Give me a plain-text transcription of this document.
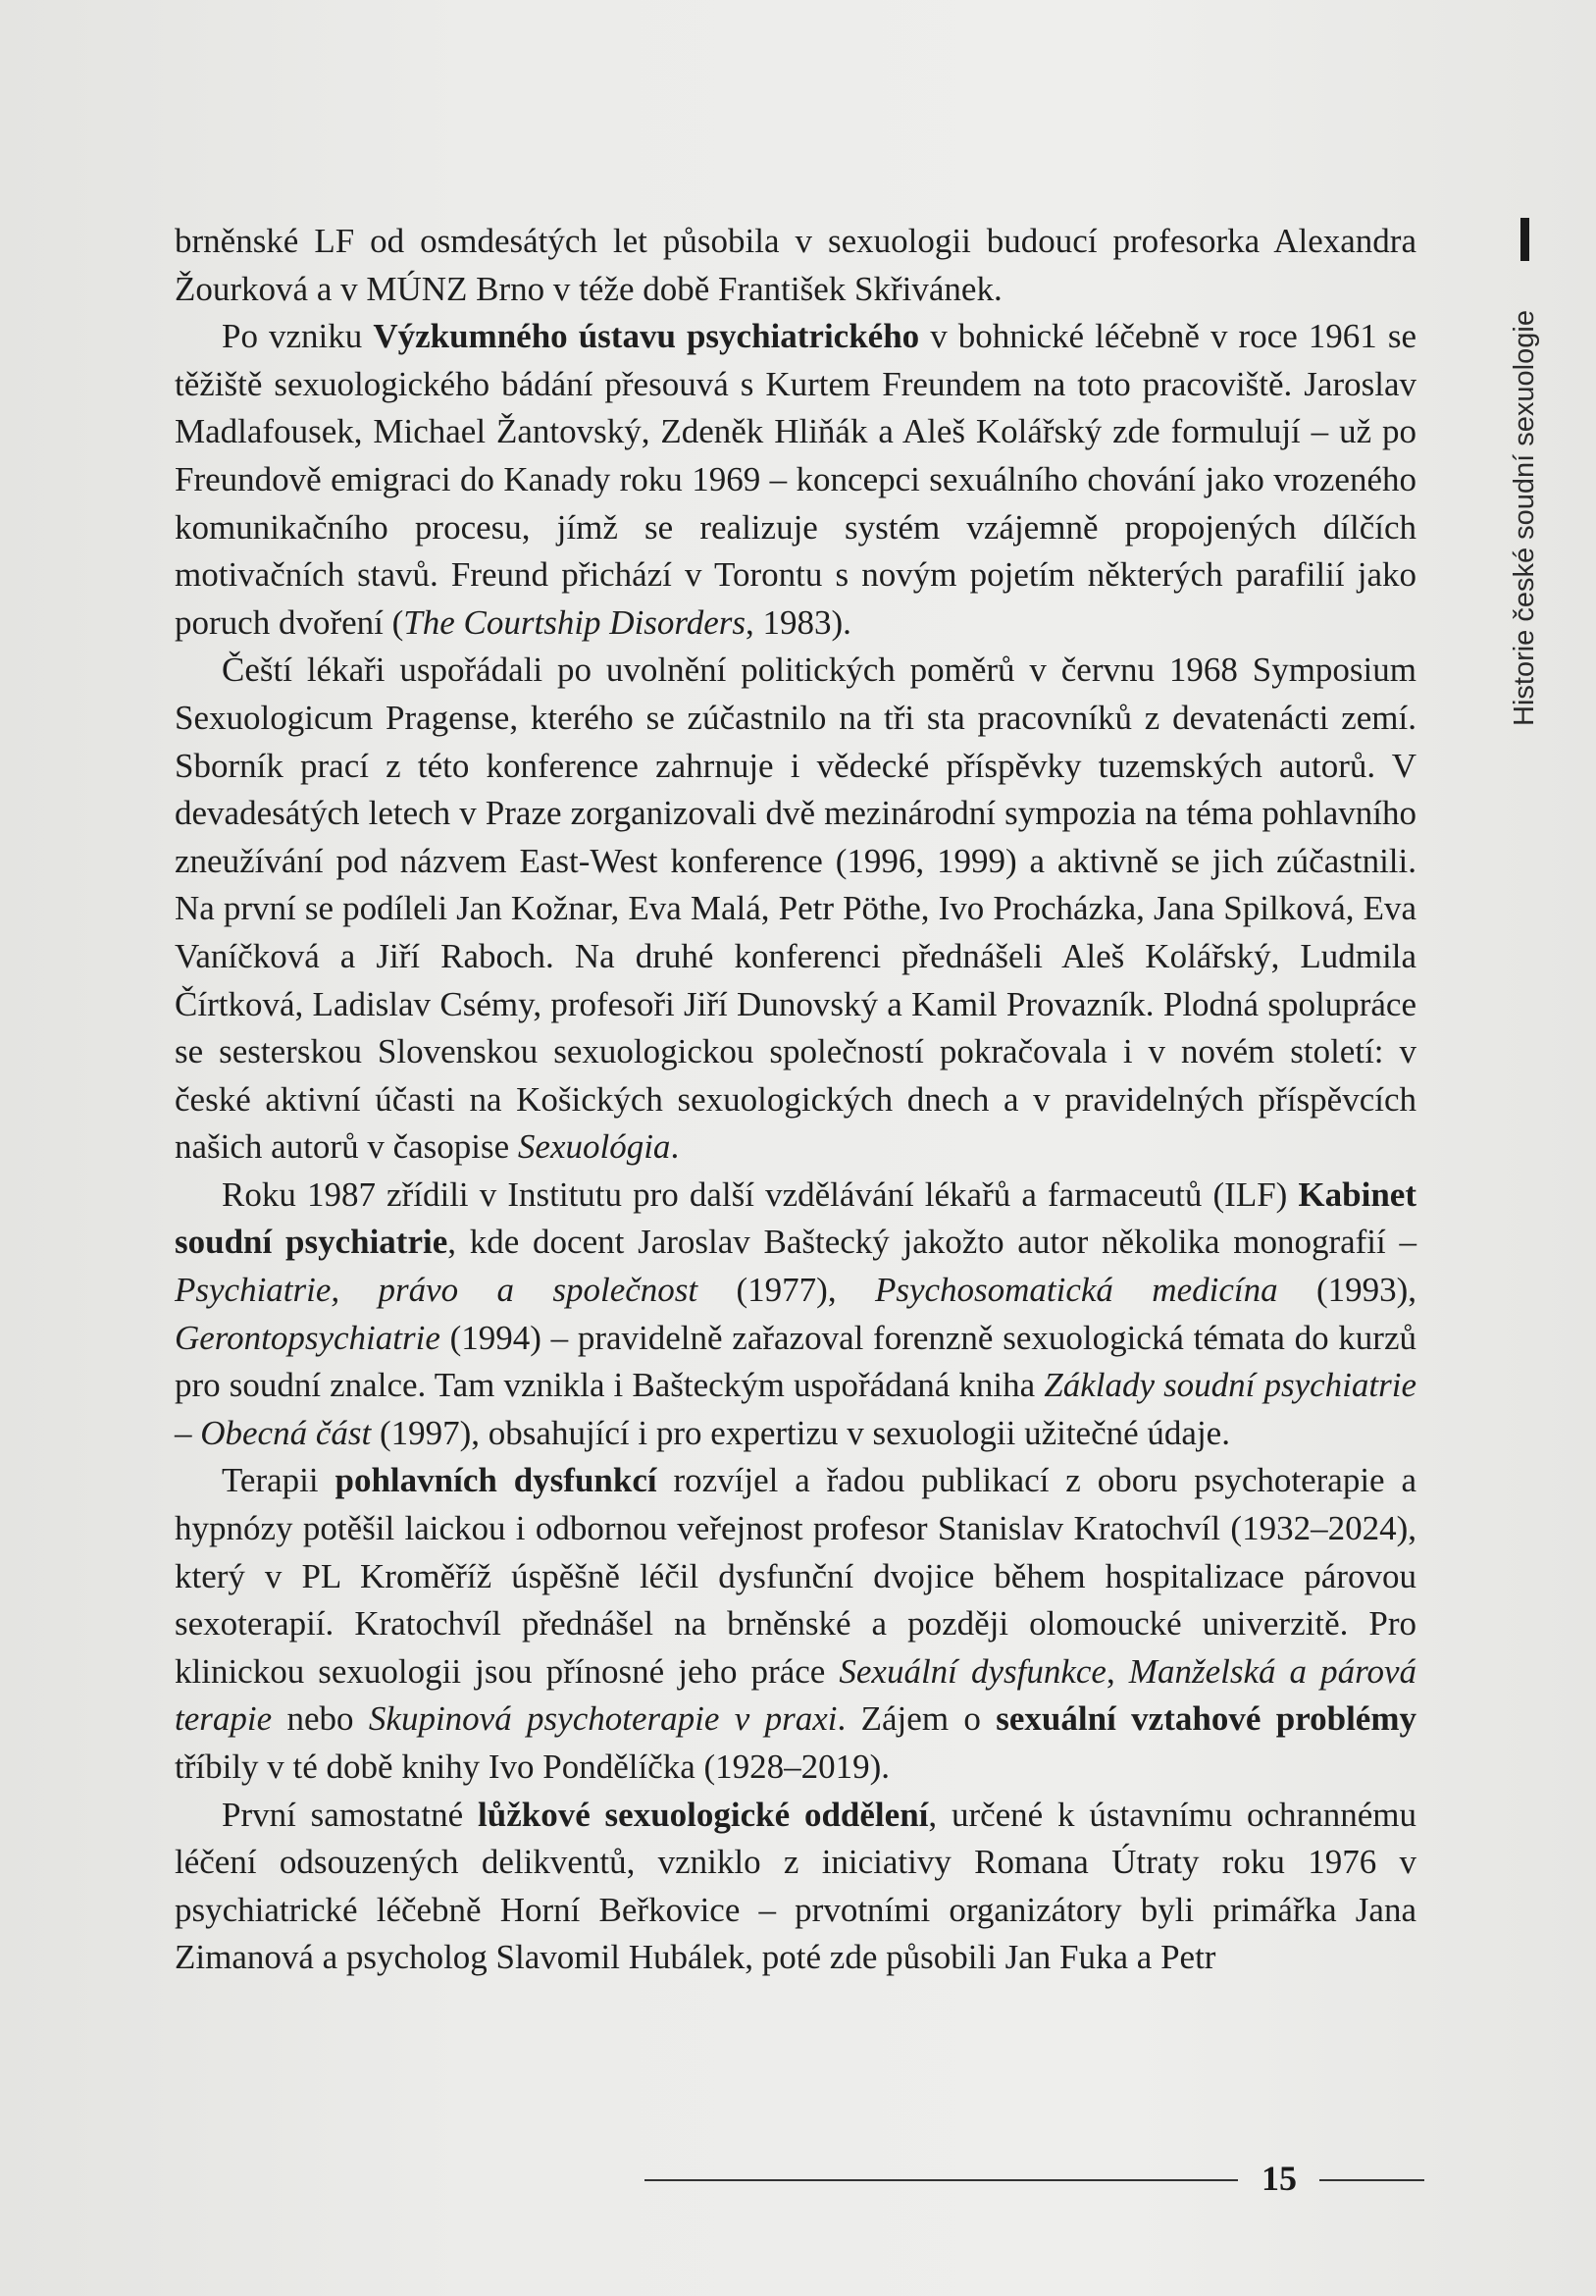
Historie české soudní sexuologie

brněnské LF od osmdesátých let působila v sexuologii budoucí profesorka Alexandra Žourková a v MÚNZ Brno v téže době František Skřivánek.

Po vzniku Výzkumného ústavu psychiatrického v bohnické léčebně v roce 1961 se těžiště sexuologického bádání přesouvá s Kurtem Freundem na toto pracoviště. Jaroslav Madlafousek, Michael Žantovský, Zdeněk Hliňák a Aleš Kolářský zde formulují – už po Freundově emigraci do Kanady roku 1969 – koncepci sexuálního chování jako vrozeného komunikačního procesu, jímž se realizuje systém vzájemně propojených dílčích motivačních stavů. Freund přichází v Torontu s novým pojetím některých parafilií jako poruch dvoření (The Courtship Disorders, 1983).

Čeští lékaři uspořádali po uvolnění politických poměrů v červnu 1968 Symposium Sexuologicum Pragense, kterého se zúčastnilo na tři sta pracovníků z devatenácti zemí. Sborník prací z této konference zahrnuje i vědecké příspěvky tuzemských autorů. V devadesátých letech v Praze zorganizovali dvě mezinárodní sympozia na téma pohlavního zneužívání pod názvem East-West konference (1996, 1999) a aktivně se jich zúčastnili. Na první se podíleli Jan Kožnar, Eva Malá, Petr Pöthe, Ivo Procházka, Jana Spilková, Eva Vaníčková a Jiří Raboch. Na druhé konferenci přednášeli Aleš Kolářský, Ludmila Čírtková, Ladislav Csémy, profesoři Jiří Dunovský a Kamil Provazník. Plodná spolupráce se sesterskou Slovenskou sexuologickou společností pokračovala i v novém století: v české aktivní účasti na Košických sexuologických dnech a v pravidelných příspěvcích našich autorů v časopise Sexuológia.

Roku 1987 zřídili v Institutu pro další vzdělávání lékařů a farmaceutů (ILF) Kabinet soudní psychiatrie, kde docent Jaroslav Baštecký jakožto autor několika monografií – Psychiatrie, právo a společnost (1977), Psychosomatická medicína (1993), Gerontopsychiatrie (1994) – pravidelně zařazoval forenzně sexuologická témata do kurzů pro soudní znalce. Tam vznikla i Bašteckým uspořádaná kniha Základy soudní psychiatrie – Obecná část (1997), obsahující i pro expertizu v sexuologii užitečné údaje.

Terapii pohlavních dysfunkcí rozvíjel a řadou publikací z oboru psychoterapie a hypnózy potěšil laickou i odbornou veřejnost profesor Stanislav Kratochvíl (1932–2024), který v PL Kroměříž úspěšně léčil dysfunční dvojice během hospitalizace párovou sexoterapií. Kratochvíl přednášel na brněnské a později olomoucké univerzitě. Pro klinickou sexuologii jsou přínosné jeho práce Sexuální dysfunkce, Manželská a párová terapie nebo Skupinová psychoterapie v praxi. Zájem o sexuální vztahové problémy tříbily v té době knihy Ivo Pondělíčka (1928–2019).

První samostatné lůžkové sexuologické oddělení, určené k ústavnímu ochrannému léčení odsouzených delikventů, vzniklo z iniciativy Romana Útraty roku 1976 v psychiatrické léčebně Horní Beřkovice – prvotními organizátory byli primářka Jana Zimanová a psycholog Slavomil Hubálek, poté zde působili Jan Fuka a Petr

15
